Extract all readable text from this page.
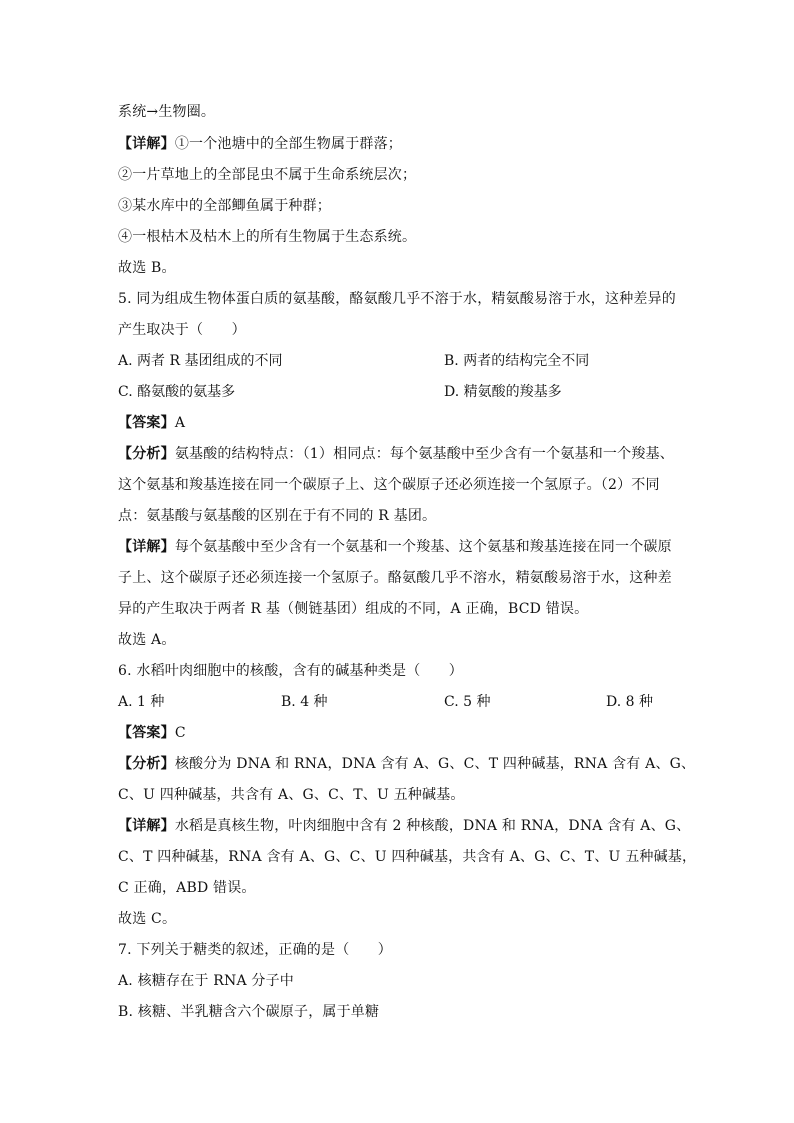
系统→生物圈。
【详解】①一个池塘中的全部生物属于群落；
②一片草地上的全部昆虫不属于生命系统层次；
③某水库中的全部鲫鱼属于种群；
④一根枯木及枯木上的所有生物属于生态系统。
故选 B。
5. 同为组成生物体蛋白质的氨基酸，酪氨酸几乎不溶于水，精氨酸易溶于水，这种差异的
产生取决于（　　）
A. 两者 R 基团组成的不同	B. 两者的结构完全不同
C. 酪氨酸的氨基多	D. 精氨酸的羧基多
【答案】A
【分析】氨基酸的结构特点：（1）相同点：每个氨基酸中至少含有一个氨基和一个羧基、
这个氨基和羧基连接在同一个碳原子上、这个碳原子还必须连接一个氢原子。（2）不同
点：氨基酸与氨基酸的区别在于有不同的 R 基团。
【详解】每个氨基酸中至少含有一个氨基和一个羧基、这个氨基和羧基连接在同一个碳原
子上、这个碳原子还必须连接一个氢原子。酪氨酸几乎不溶水，精氨酸易溶于水，这种差
异的产生取决于两者 R 基（侧链基团）组成的不同，A 正确，BCD 错误。
故选 A。
6. 水稻叶肉细胞中的核酸，含有的碱基种类是（　　）
A. 1 种	B. 4 种	C. 5 种	D. 8 种
【答案】C
【分析】核酸分为 DNA 和 RNA，DNA 含有 A、G、C、T 四种碱基，RNA 含有 A、G、
C、U 四种碱基，共含有 A、G、C、T、U 五种碱基。
【详解】水稻是真核生物，叶肉细胞中含有 2 种核酸，DNA 和 RNA，DNA 含有 A、G、
C、T 四种碱基，RNA 含有 A、G、C、U 四种碱基，共含有 A、G、C、T、U 五种碱基，
C 正确，ABD 错误。
故选 C。
7. 下列关于糖类的叙述，正确的是（　　）
A. 核糖存在于 RNA 分子中
B. 核糖、半乳糖含六个碳原子，属于单糖
